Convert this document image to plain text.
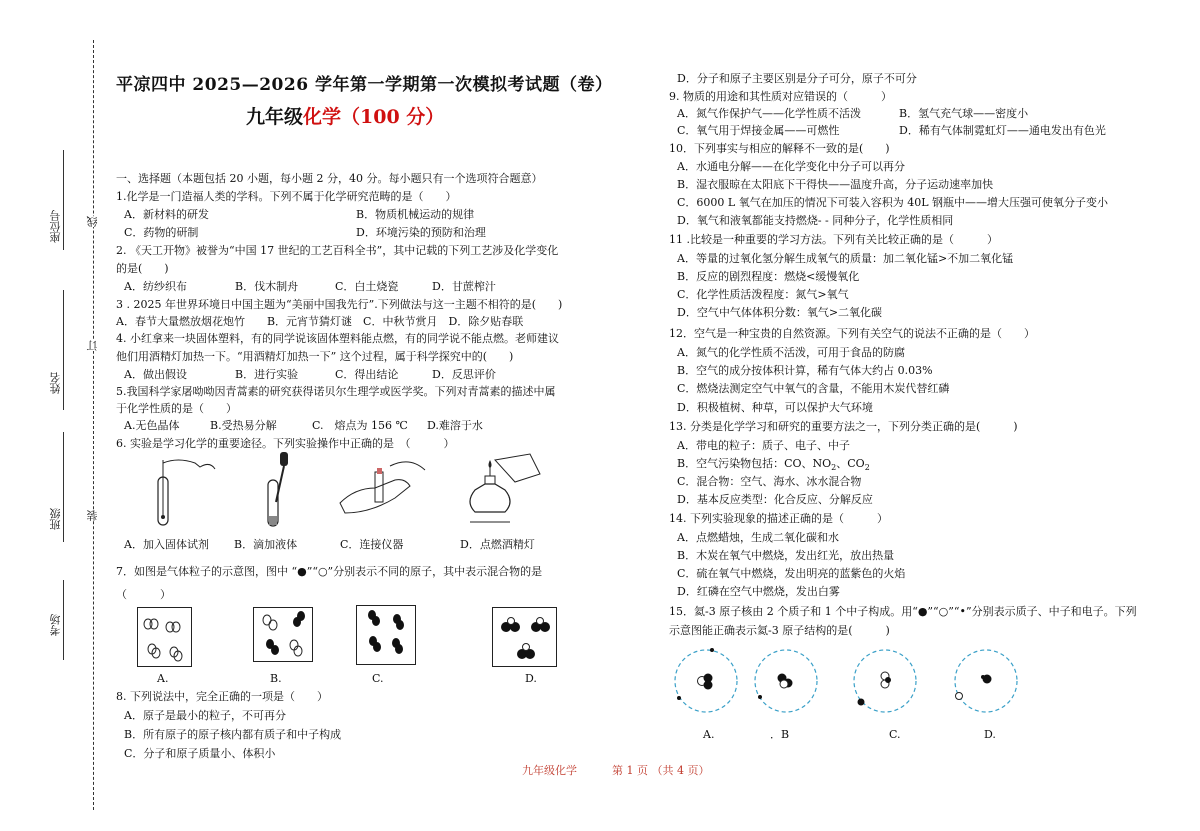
座位号 线
姓名
订
班级 装
考场
平凉四中 2025—2026 学年第一学期第一次模拟考试题（卷）
九年级化学（100 分）
一、选择题（本题包括 20 小题，每小题 2 分，40 分。每小题只有一个选项符合题意）
1.化学是一门造福人类的学科。下列不属于化学研究范畴的是（　　）
A．新材料的研发	B．物质机械运动的规律
C．药物的研制	D．环境污染的预防和治理
2. 《天工开物》被誉为“中国 17 世纪的工艺百科全书”，其中记载的下列工艺涉及化学变化
的是(　　)
A．纺纱织布	B．伐木制舟	C．白土烧瓷	D．甘蔗榨汁
3 . 2025 年世界环境日中国主题为“美丽中国我先行”.下列做法与这一主题不相符的是(　　)
A．春节大量燃放烟花炮竹　　B．元宵节猜灯谜　C．中秋节赏月　D．除夕贴春联
4. 小红拿来一块固体塑料，有的同学说该固体塑料能点燃，有的同学说不能点燃。老师建议
他们用酒精灯加热一下。“用酒精灯加热一下” 这个过程，属于科学探究中的(　　)
A．做出假设	B．进行实验	C．得出结论	D．反思评价
5.我国科学家屠呦呦因青蒿素的研究获得诺贝尔生理学或医学奖。下列对青蒿素的描述中属
于化学性质的是（　　）
A.无色晶体	B.受热易分解	C.　熔点为 156 ℃ D.难溶于水
6. 实验是学习化学的重要途径。下列实验操作中正确的是　（　　　）
A．加入固体试剂 B．滴加液体	C．连接仪器	D．点燃酒精灯
7．如图是气体粒子的示意图，图中 “●”“○”分别表示不同的原子，其中表示混合物的是
（　　　）
A.	B.	C.	D.
8. 下列说法中，完全正确的一项是（　　）
A．原子是最小的粒子，不可再分
B．所有原子的原子核内都有质子和中子构成
C．分子和原子质量小、体积小
D．分子和原子主要区别是分子可分，原子不可分
9. 物质的用途和其性质对应错误的（　　　）
A．氮气作保护气——化学性质不活泼	B．氢气充气球——密度小
C．氧气用于焊接金属——可燃性	D．稀有气体制霓虹灯——通电发出有色光
10．下列事实与相应的解释不一致的是(　　)
A．水通电分解——在化学变化中分子可以再分
B．湿衣服晾在太阳底下干得快——温度升高，分子运动速率加快
C．6000 L 氧气在加压的情况下可装入容积为 40L 钢瓶中——增大压强可使氧分子变小
D．氧气和液氧都能支持燃烧- - 同种分子，化学性质相同
11 .比较是一种重要的学习方法。下列有关比较正确的是（　　　）
A．等量的过氧化氢分解生成氧气的质量：加二氧化锰>不加二氧化锰
B．反应的剧烈程度：燃烧<缓慢氧化
C．化学性质活泼程度：氮气>氧气
D．空气中气体体积分数：氧气>二氧化碳
12．空气是一种宝贵的自然资源。下列有关空气的说法不正确的是（　　）
A．氮气的化学性质不活泼，可用于食品的防腐
B．空气的成分按体积计算，稀有气体大约占 0.03%
C．燃烧法测定空气中氧气的含量，不能用木炭代替红磷
D．积极植树、种草，可以保护大气环境
13. 分类是化学学习和研究的重要方法之一，下列分类正确的是(　　　)
A．带电的粒子：质子、电子、中子
B．空气污染物包括：CO、$NO_2$、$CO_2$
C．混合物：空气、海水、冰水混合物
D．基本反应类型：化合反应、分解反应
14. 下列实验现象的描述正确的是（　　　）
A．点燃蜡烛，生成二氧化碳和水
B．木炭在氧气中燃烧，发出红光，放出热量
C．硫在氧气中燃烧，发出明亮的蓝紫色的火焰
D．红磷在空气中燃烧，发出白雾
15．氦-3 原子核由 2 个质子和 1 个中子构成。用“●”“○”“•”分别表示质子、中子和电子。下列
示意图能正确表示氦-3 原子结构的是(　　　)
A.	．B	C.	D.
九年级化学	第 1 页 （共 4 页）
